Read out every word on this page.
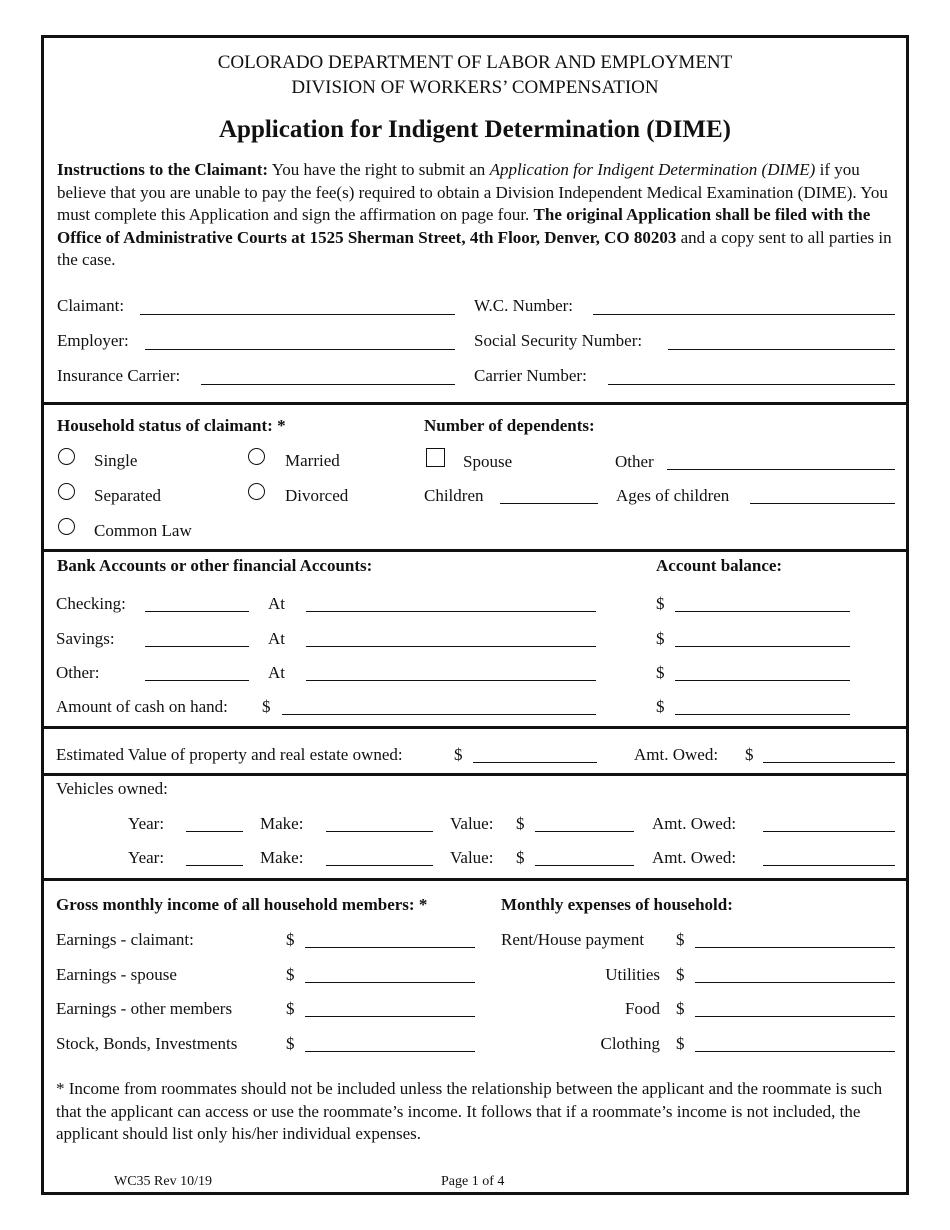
COLORADO DEPARTMENT OF LABOR AND EMPLOYMENT
DIVISION OF WORKERS’ COMPENSATION
Application for Indigent Determination (DIME)
Instructions to the Claimant: You have the right to submit an Application for Indigent Determination (DIME) if you believe that you are unable to pay the fee(s) required to obtain a Division Independent Medical Examination (DIME). You must complete this Application and sign the affirmation on page four. The original Application shall be filed with the Office of Administrative Courts at 1525 Sherman Street, 4th Floor, Denver, CO 80203 and a copy sent to all parties in the case.
Claimant:	W.C. Number:
Employer:	Social Security Number:
Insurance Carrier:	Carrier Number:
Household status of claimant: *	Number of dependents:
Single	Married	Spouse	Other
Separated	Divorced	Children	Ages of children
Common Law
Bank Accounts or other financial Accounts:	Account balance:
Checking:	At	$
Savings:	At	$
Other:	At	$
Amount of cash on hand: $	$
Estimated Value of property and real estate owned:	$	Amt. Owed: $
Vehicles owned:
Year:	Make:	Value: $	Amt. Owed:
Year:	Make:	Value: $	Amt. Owed:
Gross monthly income of all household members: *	Monthly expenses of household:
Earnings - claimant:	$	Rent/House payment $
Earnings - spouse	$	Utilities $
Earnings - other members	$	Food $
Stock, Bonds, Investments	$	Clothing $
* Income from roommates should not be included unless the relationship between the applicant and the roommate is such that the applicant can access or use the roommate’s income. It follows that if a roommate’s income is not included, the applicant should list only his/her individual expenses.
WC35 Rev 10/19	Page 1 of 4
